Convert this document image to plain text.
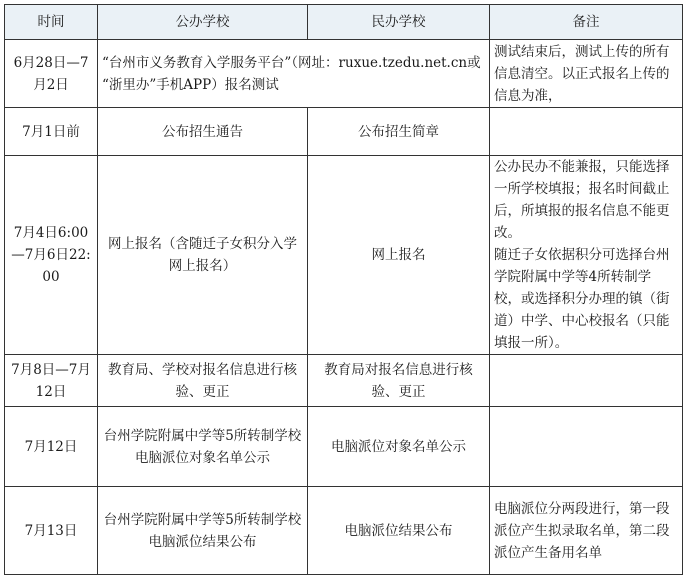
时间	公办学校	民办学校	备注
6月28日—7月2日	“台州市义务教育入学服务平台”（网址：ruxue.tzedu.net.cn或 “浙里办”手机APP）报名测试		测试结束后，测试上传的所有信息清空。以正式报名上传的信息为准，
7月1日前	公布招生通告	公布招生简章	
7月4日6:00—7月6日22:00	网上报名（含随迁子女积分入学网上报名）	网上报名	公办民办不能兼报，只能选择一所学校填报；报名时间截止后，所填报的报名信息不能更改。
随迁子女依据积分可选择台州学院附属中学等4所转制学校，或选择积分办理的镇（街道）中学、中心校报名（只能填报一所）。

7月8日—7月12日	教育局、学校对报名信息进行核验、更正	教育局对报名信息进行核验、更正	
7月12日	台州学院附属中学等5所转制学校电脑派位对象名单公示	电脑派位对象名单公示	
7月13日	台州学院附属中学等5所转制学校电脑派位结果公布	电脑派位结果公布	电脑派位分两段进行，第一段派位产生拟录取名单，第二段派位产生备用名单
